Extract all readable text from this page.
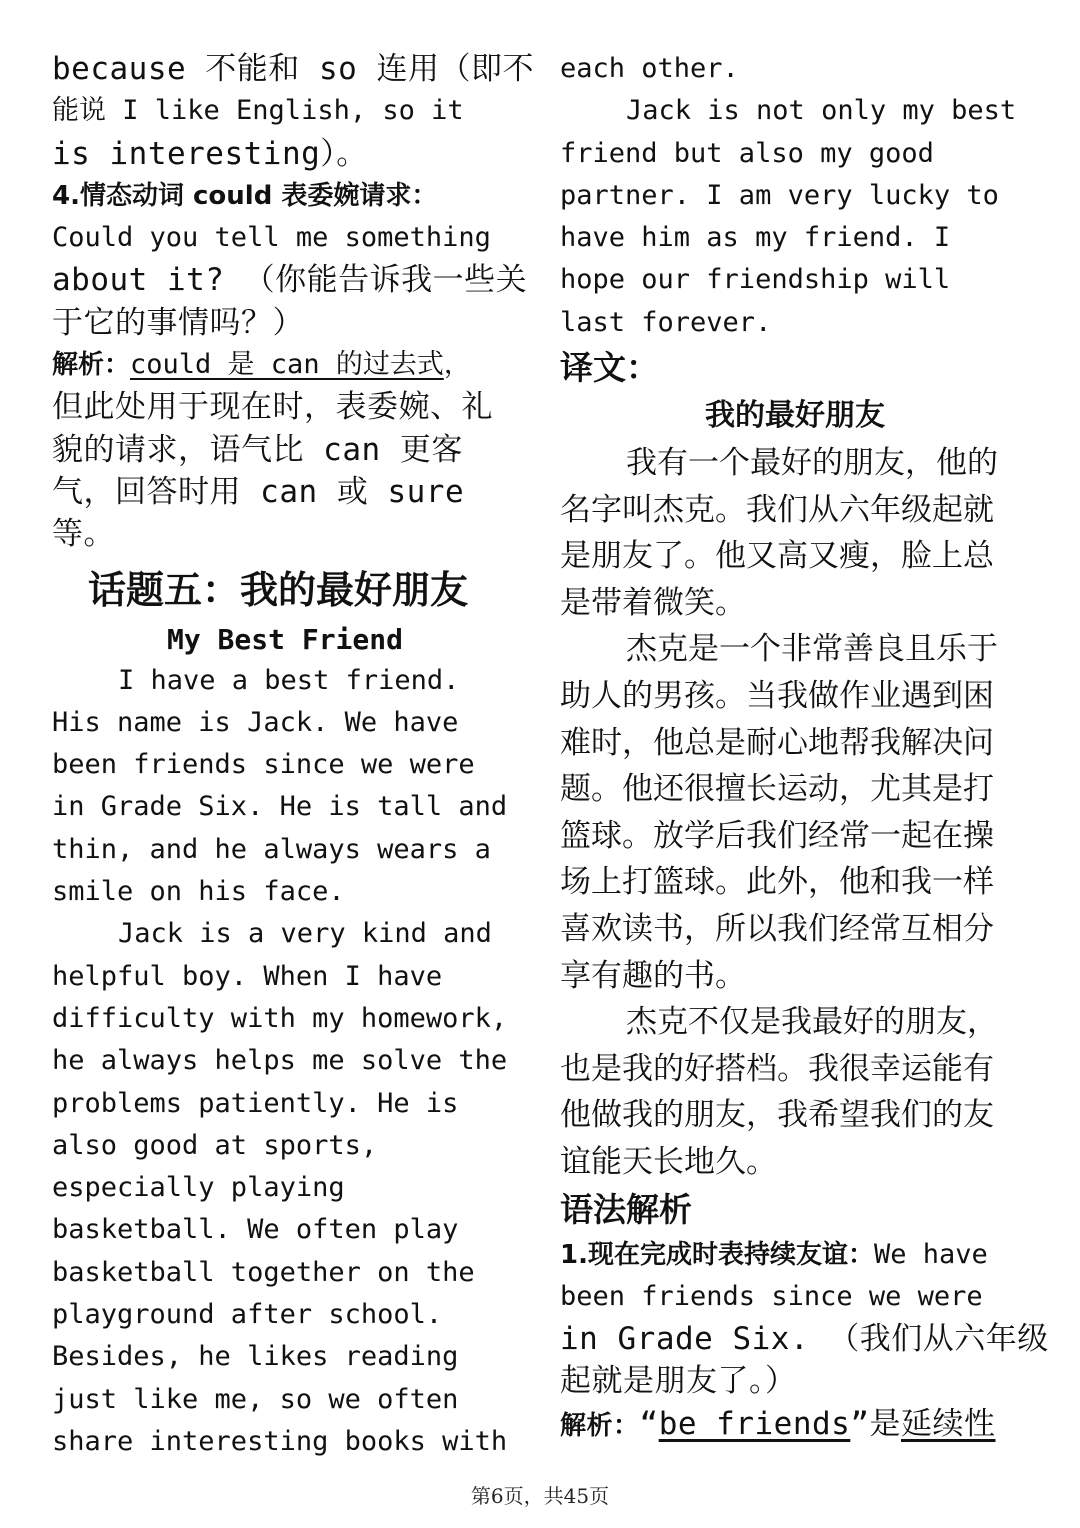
because 不能和 so 连用（即不

能说 I like English, so it

is interesting）。

4.情态动词 could 表委婉请求：

Could you tell me something

about it? （你能告诉我一些关

于它的事情吗？）

解析：could 是 can 的过去式，

但此处用于现在时，表委婉、礼

貌的请求，语气比 can 更客

气，回答时用 can 或 sure

等。

话题五：我的最好朋友
My Best Friend

I have a best friend.

His name is Jack. We have

been friends since we were

in Grade Six. He is tall and

thin, and he always wears a

smile on his face.

Jack is a very kind and

helpful boy. When I have

difficulty with my homework,

he always helps me solve the

problems patiently. He is

also good at sports,

especially playing

basketball. We often play

basketball together on the

playground after school.

Besides, he likes reading

just like me, so we often

share interesting books with

each other.

Jack is not only my best

friend but also my good

partner. I am very lucky to

have him as my friend. I

hope our friendship will

last forever.

译文：
我的最好朋友

我有一个最好的朋友，他的

名字叫杰克。我们从六年级起就

是朋友了。他又高又瘦，脸上总

是带着微笑。

杰克是一个非常善良且乐于

助人的男孩。当我做作业遇到困

难时，他总是耐心地帮我解决问

题。他还很擅长运动，尤其是打

篮球。放学后我们经常一起在操

场上打篮球。此外，他和我一样

喜欢读书，所以我们经常互相分

享有趣的书。

杰克不仅是我最好的朋友，

也是我的好搭档。我很幸运能有

他做我的朋友，我希望我们的友

谊能天长地久。

语法解析

1.现在完成时表持续友谊：We have

been friends since we were

in Grade Six. （我们从六年级

起就是朋友了。）

解析：“be friends”是延续性

第6页，共45页
